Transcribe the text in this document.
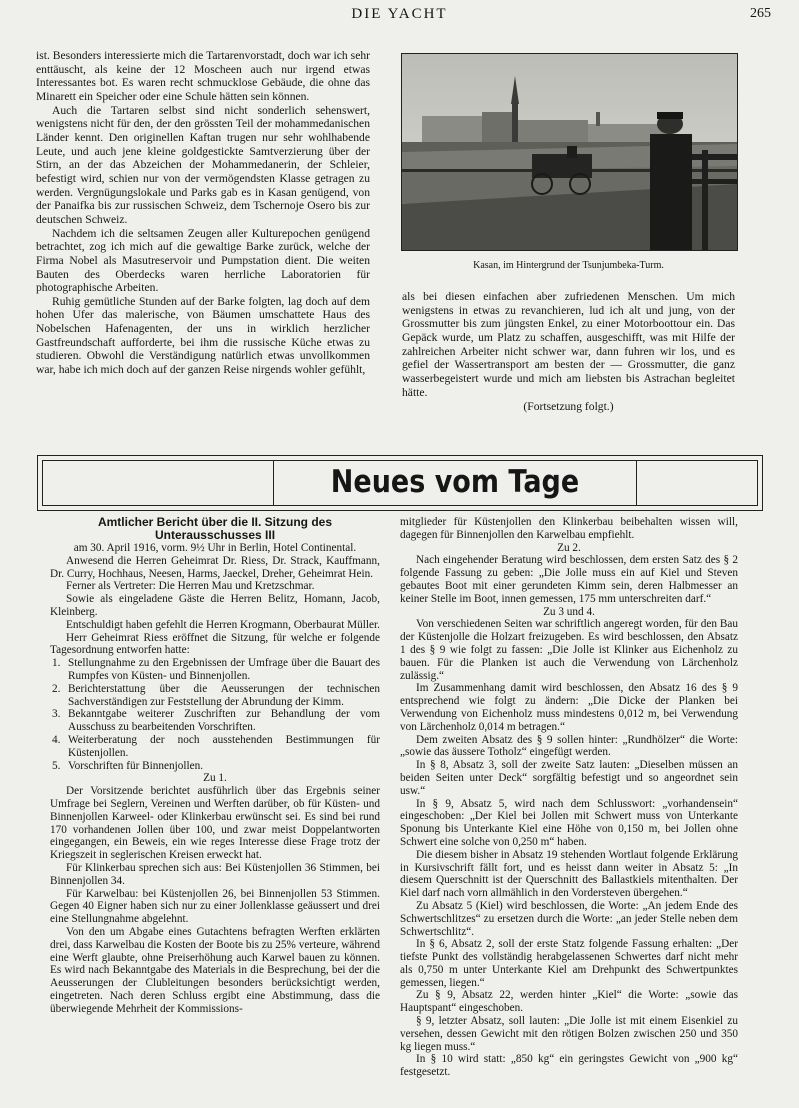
DIE YACHT	265

ist. Besonders interessierte mich die Tartarenvorstadt, doch war ich sehr enttäuscht, als keine der 12 Moscheen auch nur irgend etwas Interessantes bot. Es waren recht schmucklose Gebäude, die ohne das Minarett ein Speicher oder eine Schule hätten sein können.

Auch die Tartaren selbst sind nicht sonderlich sehenswert, wenigstens nicht für den, der den grössten Teil der mohammedanischen Länder kennt. Den originellen Kaftan trugen nur sehr wohlhabende Leute, und auch jene kleine goldgestickte Samtverzierung über der Stirn, an der das Abzeichen der Mohammedanerin, der Schleier, befestigt wird, schien nur von der vermögendsten Klasse getragen zu werden. Vergnügungslokale und Parks gab es in Kasan genügend, von der Panaifka bis zur russischen Schweiz, dem Tschernoje Osero bis zur deutschen Schweiz.

Nachdem ich die seltsamen Zeugen aller Kulturepochen genügend betrachtet, zog ich mich auf die gewaltige Barke zurück, welche der Firma Nobel als Masutreservoir und Pumpstation dient. Die weiten Bauten des Oberdecks waren herrliche Laboratorien für photographische Arbeiten.

Ruhig gemütliche Stunden auf der Barke folgten, lag doch auf dem hohen Ufer das malerische, von Bäumen umschattete Haus des Nobelschen Hafenagenten, der uns in wirklich herzlicher Gastfreundschaft aufforderte, bei ihm die russische Küche etwas zu studieren. Obwohl die Verständigung natürlich etwas unvollkommen war, habe ich mich doch auf der ganzen Reise nirgends wohler gefühlt,

Kasan, im Hintergrund der Tsunjumbeka-Turm.

als bei diesen einfachen aber zufriedenen Menschen. Um mich wenigstens in etwas zu revanchieren, lud ich alt und jung, von der Grossmutter bis zum jüngsten Enkel, zu einer Motorboottour ein. Das Gepäck wurde, um Platz zu schaffen, ausgeschifft, was mit Hilfe der zahlreichen Arbeiter nicht schwer war, dann fuhren wir los, und es gefiel der Wassertransport am besten der — Grossmutter, die ganz wasserbegeistert wurde und mich am liebsten bis Astrachan begleitet hätte.

(Fortsetzung folgt.)

Neues vom Tage

Amtlicher Bericht über die II. Sitzung des Unterausschusses III

am 30. April 1916, vorm. 9½ Uhr in Berlin, Hotel Continental.

Anwesend die Herren Geheimrat Dr. Riess, Dr. Strack, Kauffmann, Dr. Curry, Hochhaus, Neesen, Harms, Jaeckel, Dreher, Geheimrat Hein.

Ferner als Vertreter: Die Herren Mau und Kretzschmar.

Sowie als eingeladene Gäste die Herren Belitz, Homann, Jacob, Kleinberg.

Entschuldigt haben gefehlt die Herren Krogmann, Oberbaurat Müller.

Herr Geheimrat Riess eröffnet die Sitzung, für welche er folgende Tagesordnung entworfen hatte:

1. Stellungnahme zu den Ergebnissen der Umfrage über die Bauart des Rumpfes von Küsten- und Binnenjollen.
2. Berichterstattung über die Aeusserungen der technischen Sachverständigen zur Feststellung der Abrundung der Kimm.
3. Bekanntgabe weiterer Zuschriften zur Behandlung der vom Ausschuss zu bearbeitenden Vorschriften.
4. Weiterberatung der noch ausstehenden Bestimmungen für Küstenjollen.
5. Vorschriften für Binnenjollen.

Zu 1.

Der Vorsitzende berichtet ausführlich über das Ergebnis seiner Umfrage bei Seglern, Vereinen und Werften darüber, ob für Küsten- und Binnenjollen Karweel- oder Klinkerbau erwünscht sei. Es sind bei rund 170 vorhandenen Jollen über 100, und zwar meist Doppelantworten eingegangen, ein Beweis, ein wie reges Interesse diese Frage trotz der Kriegszeit in seglerischen Kreisen erweckt hat.

Für Klinkerbau sprechen sich aus: Bei Küstenjollen 36 Stimmen, bei Binnenjollen 34.

Für Karwelbau: bei Küstenjollen 26, bei Binnenjollen 53 Stimmen. Gegen 40 Eigner haben sich nur zu einer Jollenklasse geäussert und drei eine Stellungnahme abgelehnt.

Von den um Abgabe eines Gutachtens befragten Werften erklärten drei, dass Karwelbau die Kosten der Boote bis zu 25% verteure, während eine Werft glaubte, ohne Preiserhöhung auch Karwel bauen zu können. Es wird nach Bekanntgabe des Materials in die Besprechung, bei der die Aeusserungen der Clubleitungen besonders berücksichtigt werden, eingetreten. Nach deren Schluss ergibt eine Abstimmung, dass die überwiegende Mehrheit der Kommissions-

mitglieder für Küstenjollen den Klinkerbau beibehalten wissen will, dagegen für Binnenjollen den Karwelbau empfiehlt.

Zu 2.

Nach eingehender Beratung wird beschlossen, dem ersten Satz des § 2 folgende Fassung zu geben: „Die Jolle muss ein auf Kiel und Steven gebautes Boot mit einer gerundeten Kimm sein, deren Halbmesser an keiner Stelle im Boot, innen gemessen, 175 mm unterschreiten darf.“

Zu 3 und 4.

Von verschiedenen Seiten war schriftlich angeregt worden, für den Bau der Küstenjolle die Holzart freizugeben. Es wird beschlossen, den Absatz 1 des § 9 wie folgt zu fassen: „Die Jolle ist Klinker aus Eichenholz zu bauen. Für die Planken ist auch die Verwendung von Lärchenholz zulässig.“

Im Zusammenhang damit wird beschlossen, den Absatz 16 des § 9 entsprechend wie folgt zu ändern: „Die Dicke der Planken bei Verwendung von Eichenholz muss mindestens 0,012 m, bei Verwendung von Lärchenholz 0,014 m betragen.“

Dem zweiten Absatz des § 9 sollen hinter: „Rundhölzer“ die Worte: „sowie das äussere Totholz“ eingefügt werden.

In § 8, Absatz 3, soll der zweite Satz lauten: „Dieselben müssen an beiden Seiten unter Deck“ sorgfältig befestigt und so angeordnet sein usw.“

In § 9, Absatz 5, wird nach dem Schlusswort: „vorhandensein“ eingeschoben: „Der Kiel bei Jollen mit Schwert muss von Unterkante Sponung bis Unterkante Kiel eine Höhe von 0,150 m, bei Jollen ohne Schwert eine solche von 0,250 m“ haben.

Die diesem bisher in Absatz 19 stehenden Wortlaut folgende Erklärung in Kursivschrift fällt fort, und es heisst dann weiter in Absatz 5: „In diesem Querschnitt ist der Querschnitt des Ballastkiels mitenthalten. Der Kiel darf nach vorn allmählich in den Vordersteven übergehen.“

Zu Absatz 5 (Kiel) wird beschlossen, die Worte: „An jedem Ende des Schwertschlitzes“ zu ersetzen durch die Worte: „an jeder Stelle neben dem Schwertschlitz“.

In § 6, Absatz 2, soll der erste Statz folgende Fassung erhalten: „Der tiefste Punkt des vollständig herabgelassenen Schwertes darf nicht mehr als 0,750 m unter Unterkante Kiel am Drehpunkt des Schwertpunktes gemessen, liegen.“

Zu § 9, Absatz 22, werden hinter „Kiel“ die Worte: „sowie das Hauptspant“ eingeschoben.

§ 9, letzter Absatz, soll lauten: „Die Jolle ist mit einem Eisenkiel zu versehen, dessen Gewicht mit den rötigen Bolzen zwischen 250 und 350 kg liegen muss.“

In § 10 wird statt: „850 kg“ ein geringstes Gewicht von „900 kg“ festgesetzt.
